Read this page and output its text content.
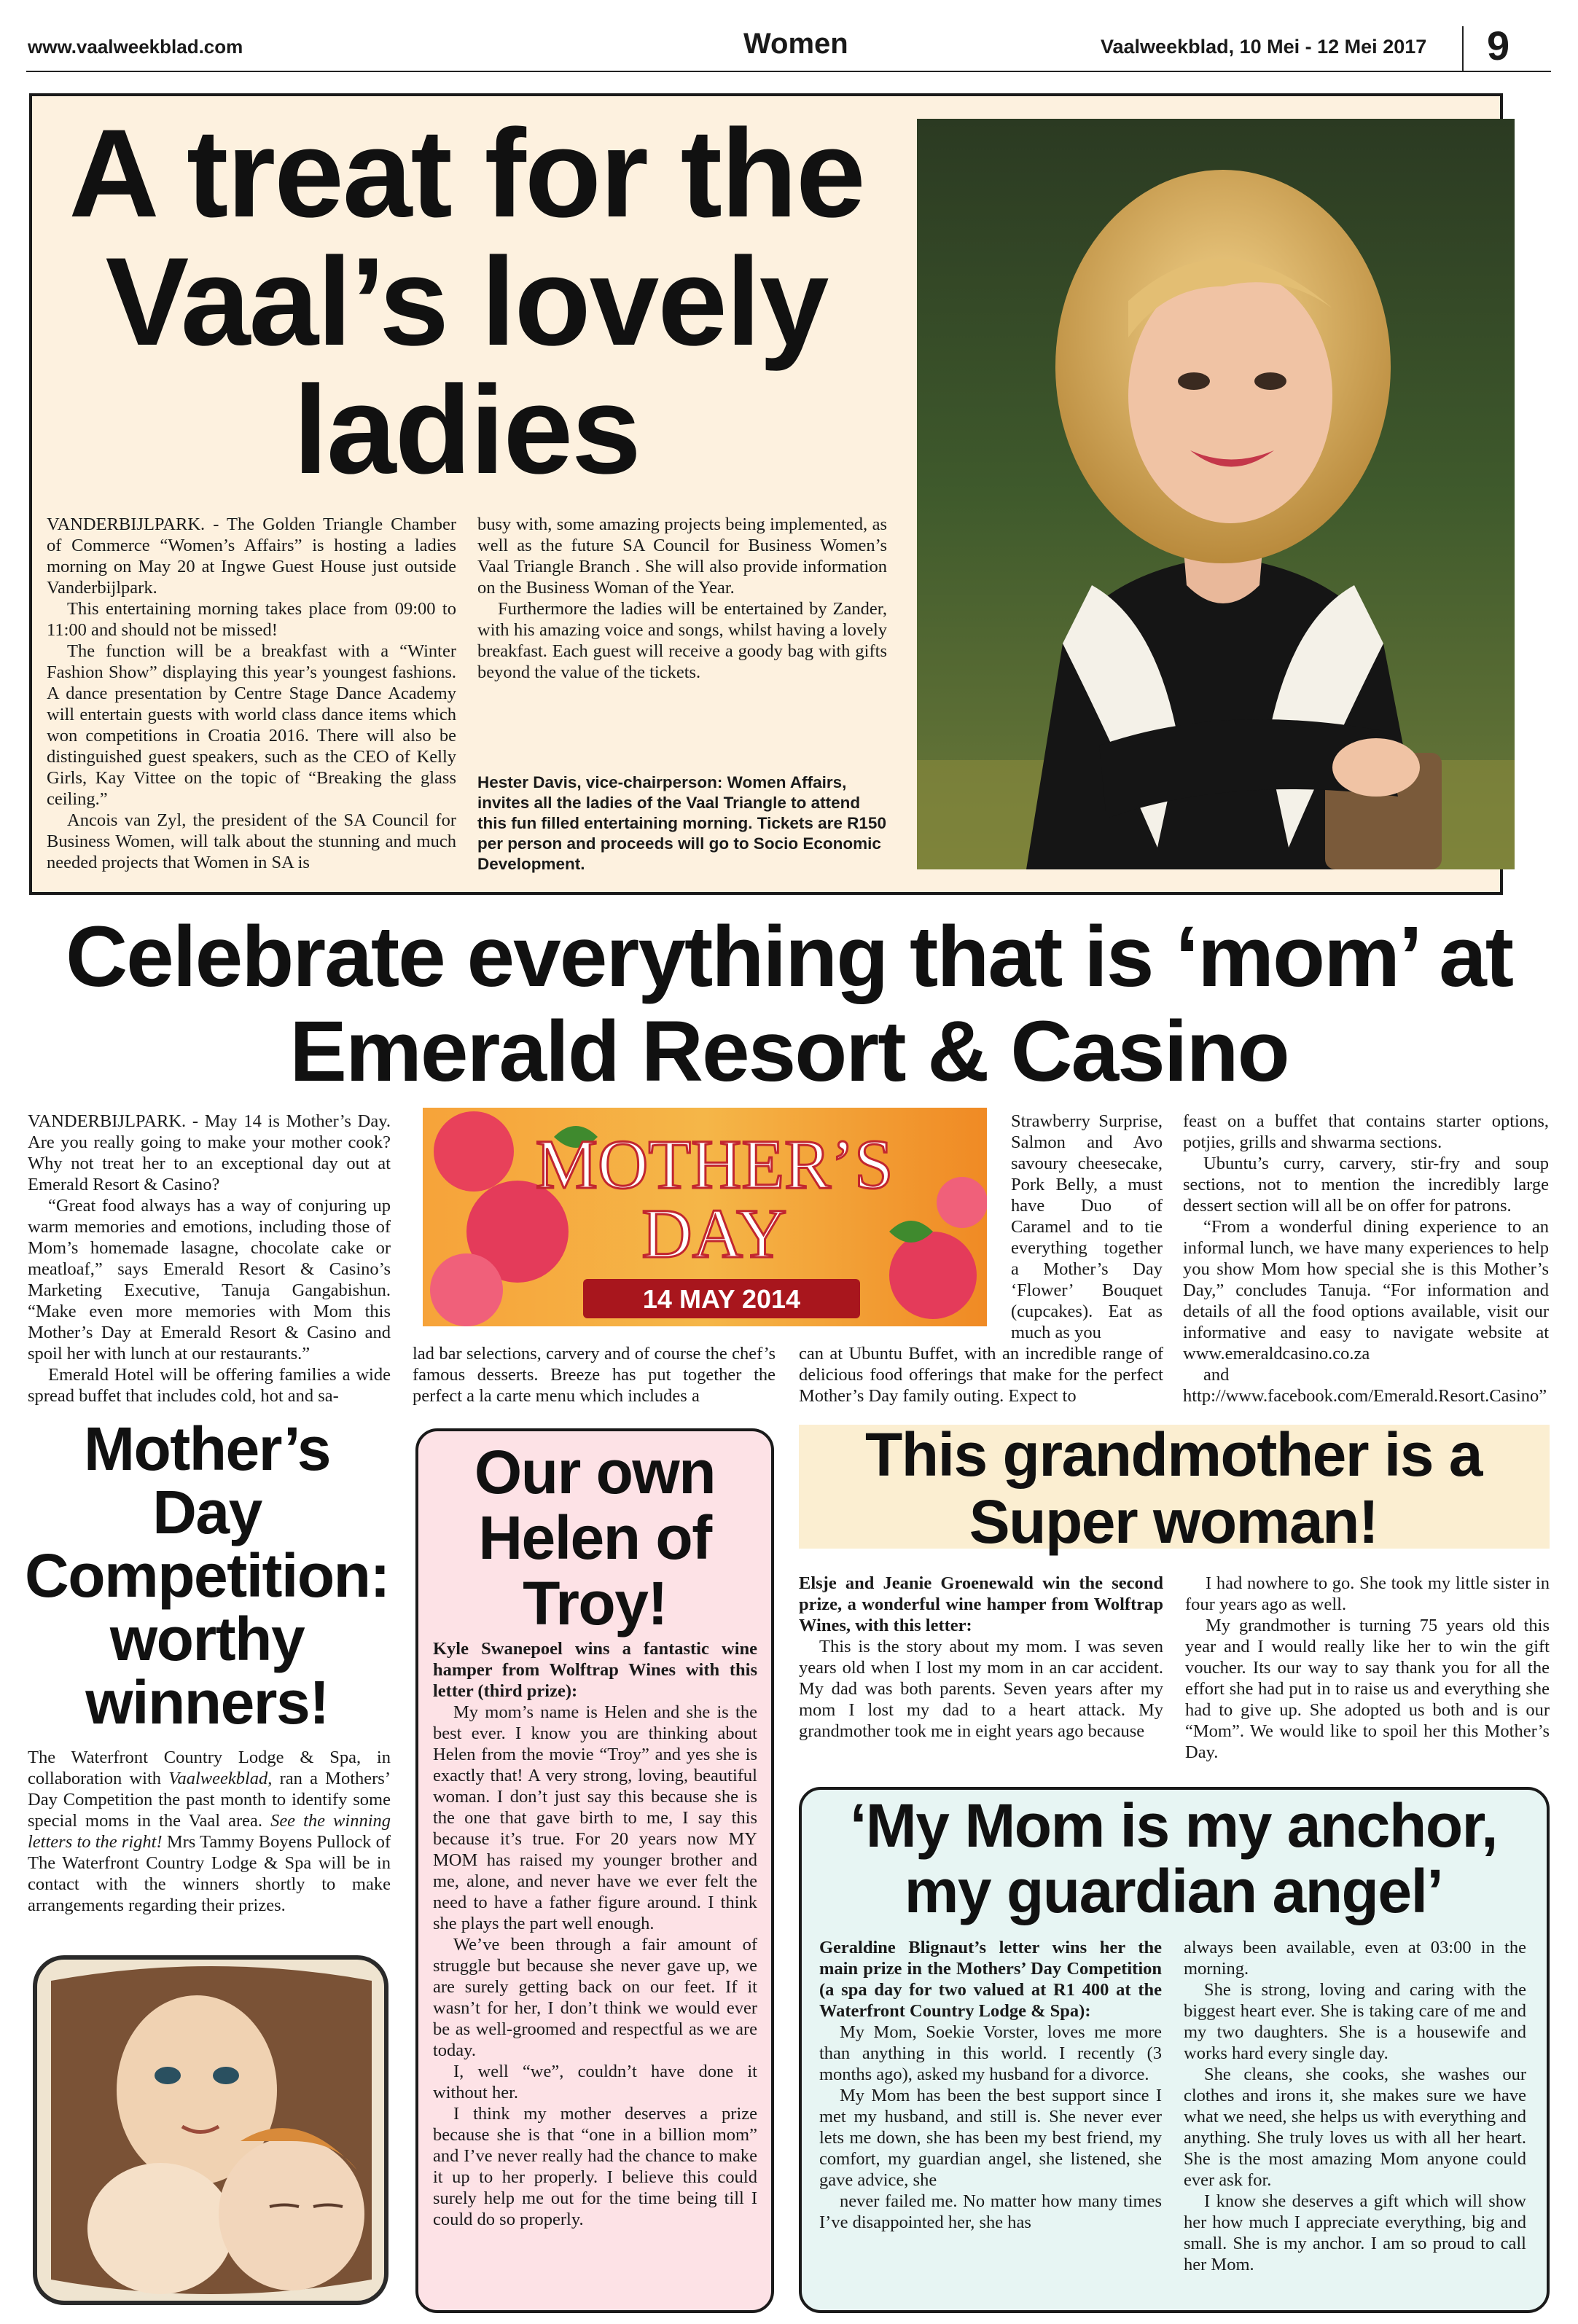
www.vaalweekblad.com	Women	Vaalweekblad, 10 Mei - 12 Mei 2017 9
A treat for the Vaal’s lovely ladies

VANDERBIJLPARK. - The Golden Triangle Chamber of Commerce “Women’s Affairs” is hosting a ladies morning on May 20 at Ingwe Guest House just outside Vanderbijlpark.

This entertaining morning takes place from 09:00 to 11:00 and should not be missed!

The function will be a breakfast with a “Winter Fashion Show” displaying this year’s youngest fashions. A dance presentation by Centre Stage Dance Academy will entertain guests with world class dance items which won competitions in Croatia 2016. There will also be distinguished guest speakers, such as the CEO of Kelly Girls, Kay Vittee on the topic of “Breaking the glass ceiling.”

Ancois van Zyl, the president of the SA Council for Business Women, will talk about the stunning and much needed projects that Women in SA is

busy with, some amazing projects being implemented, as well as the future SA Council for Business Women’s Vaal Triangle Branch . She will also provide information on the Business Woman of the Year.

Furthermore the ladies will be entertained by Zander, with his amazing voice and songs, whilst having a lovely breakfast. Each guest will receive a goody bag with gifts beyond the value of the tickets.

Hester Davis, vice-chairperson: Women Affairs, invites all the ladies of the Vaal Triangle to attend this fun filled entertaining morning. Tickets are R150 per person and proceeds will go to Socio Economic Development.
Celebrate everything that is ‘mom’ at Emerald Resort & Casino

VANDERBIJLPARK. - May 14 is Mother’s Day. Are you really going to make your mother cook? Why not treat her to an exceptional day out at Emerald Resort & Casino?

“Great food always has a way of conjuring up warm memories and emotions, including those of Mom’s homemade lasagne, chocolate cake or meatloaf,” says Emerald Resort & Casino’s Marketing Executive, Tanuja Gangabishun. “Make even more memories with Mom this Mother’s Day at Emerald Resort & Casino and spoil her with lunch at our restaurants.”

Emerald Hotel will be offering families a wide spread buffet that includes cold, hot and sa-

MOTHER’S
DAY
14 MAY 2014

lad bar selections, carvery and of course the chef’s famous desserts. Breeze has put together the perfect a la carte menu which includes a

Strawberry Surprise, Salmon and Avo savoury cheesecake, Pork Belly, a must have Duo of Caramel and to tie everything together a Mother’s Day ‘Flower’ Bouquet (cupcakes). Eat as much as you

can at Ubuntu Buffet, with an incredible range of delicious food offerings that make for the perfect Mother’s Day family outing. Expect to

feast on a buffet that contains starter options, potjies, grills and shwarma sections.

Ubuntu’s curry, carvery, stir-fry and soup sections, not to mention the incredibly large dessert section will all be on offer for patrons.

“From a wonderful dining experience to an informal lunch, we have many experiences to help you show Mom how special she is this Mother’s Day,” concludes Tanuja. “For information and details of all the food options available, visit our informative and easy to navigate website at www.emeraldcasino.co.za

and http://www.facebook.com/Emerald.Resort.Casino”

Mother’s Day Competition: worthy winners!

The Waterfront Country Lodge & Spa, in collaboration with Vaalweekblad, ran a Mothers’ Day Competition the past month to identify some special moms in the Vaal area. See the winning letters to the right! Mrs Tammy Boyens Pullock of The Waterfront Country Lodge & Spa will be in contact with the winners shortly to make arrangements regarding their prizes.

Our own Helen of Troy!

Kyle Swanepoel wins a fantastic wine hamper from Wolftrap Wines with this letter (third prize):

My mom’s name is Helen and she is the best ever. I know you are thinking about Helen from the movie “Troy” and yes she is exactly that! A very strong, loving, beautiful woman. I don’t just say this because she is the one that gave birth to me, I say this because it’s true. For 20 years now MY MOM has raised my younger brother and me, alone, and never have we ever felt the need to have a father figure around. I think she plays the part well enough.

We’ve been through a fair amount of struggle but because she never gave up, we are surely getting back on our feet. If it wasn’t for her, I don’t think we would ever be as well-groomed and respectful as we are today.

I, well “we”, couldn’t have done it without her.

I think my mother deserves a prize because she is that “one in a billion mom” and I’ve never really had the chance to make it up to her properly. I believe this could surely help me out for the time being till I could do so properly.

This grandmother is a Super woman!

Elsje and Jeanie Groenewald win the second prize, a wonderful wine hamper from Wolftrap Wines, with this letter:

This is the story about my mom. I was seven years old when I lost my mom in an car accident. My dad was both parents. Seven years after my mom I lost my dad to a heart attack. My grandmother took me in eight years ago because

I had nowhere to go. She took my little sister in four years ago as well.

My grandmother is turning 75 years old this year and I would really like her to win the gift voucher. Its our way to say thank you for all the effort she had put in to raise us and everything she had to give up. She adopted us both and is our “Mom”. We would like to spoil her this Mother’s Day.

‘My Mom is my anchor, my guardian angel’

Geraldine Blignaut’s letter wins her the main prize in the Mothers’ Day Competition (a spa day for two valued at R1 400 at the Waterfront Country Lodge & Spa):

My Mom, Soekie Vorster, loves me more than anything in this world. I recently (3 months ago), asked my husband for a divorce.

My Mom has been the best support since I met my husband, and still is. She never ever lets me down, she has been my best friend, my comfort, my guardian angel, she listened, she gave advice, she

never failed me. No matter how many times I’ve disappointed her, she has

always been available, even at 03:00 in the morning.

She is strong, loving and caring with the biggest heart ever. She is taking care of me and my two daughters. She is a housewife and works hard every single day.

She cleans, she cooks, she washes our clothes and irons it, she makes sure we have what we need, she helps us with everything and anything. She truly loves us with all her heart. She is the most amazing Mom anyone could ever ask for.

I know she deserves a gift which will show her how much I appreciate everything, big and small. She is my anchor. I am so proud to call her Mom.
